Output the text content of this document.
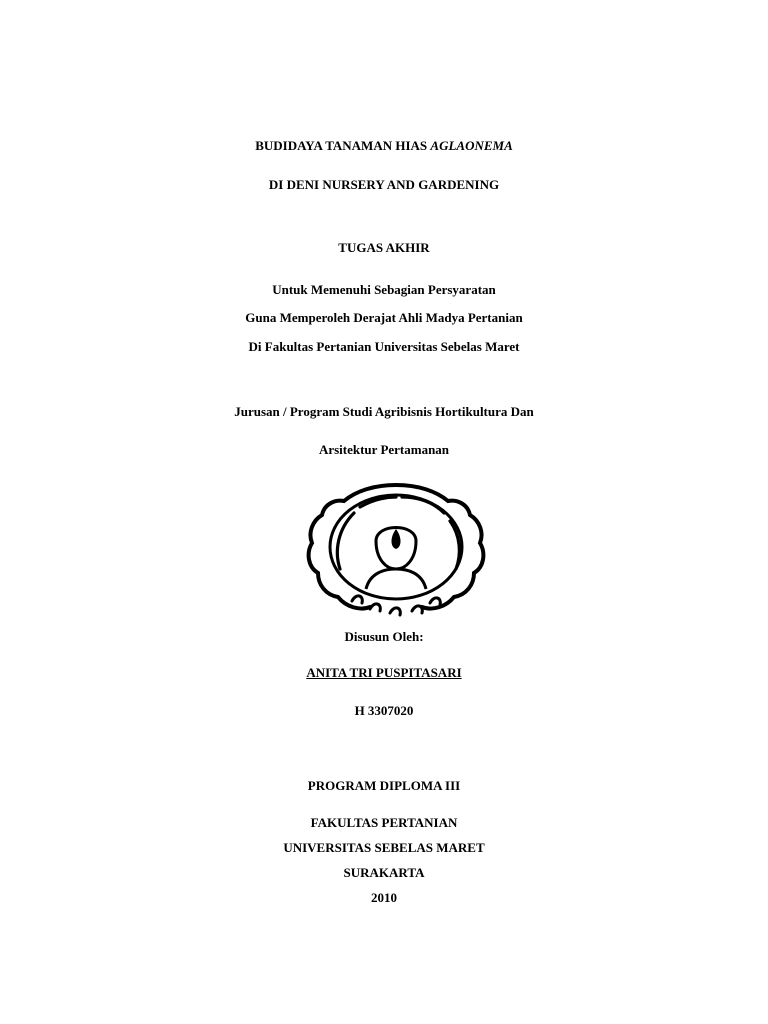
BUDIDAYA TANAMAN HIAS AGLAONEMA
DI DENI NURSERY AND GARDENING
TUGAS AKHIR
Untuk Memenuhi Sebagian Persyaratan
Guna Memperoleh Derajat Ahli Madya Pertanian
Di Fakultas Pertanian Universitas Sebelas Maret
Jurusan / Program Studi Agribisnis Hortikultura Dan
Arsitektur Pertamanan
Disusun Oleh:
ANITA TRI PUSPITASARI
H 3307020
PROGRAM DIPLOMA III
FAKULTAS PERTANIAN
UNIVERSITAS SEBELAS MARET
SURAKARTA
2010
